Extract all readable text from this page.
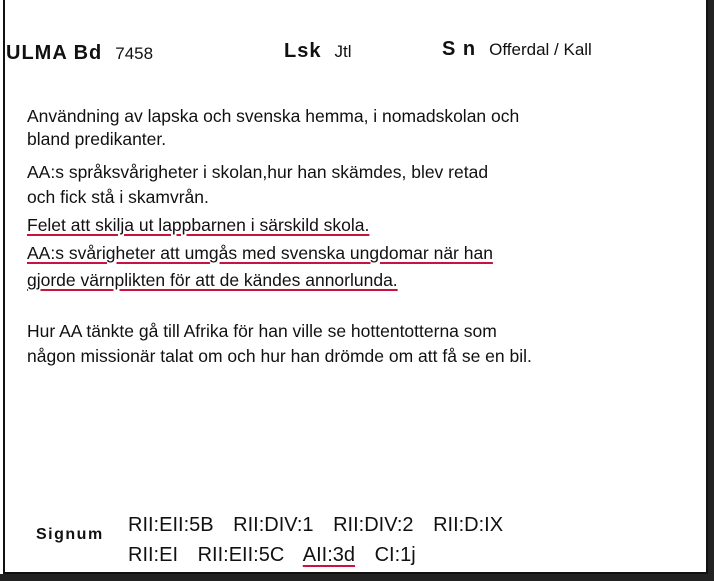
ULMA Bd 7458	Lsk Jtl	S n Offerdal / Kall
Användning av lapska och svenska hemma, i nomadskolan och
bland predikanter.
AA:s språksvårigheter i skolan,hur han skämdes, blev retad
och fick stå i skamvrån.
Felet att skilja ut lappbarnen i särskild skola.
AA:s svårigheter att umgås med svenska ungdomar när han
gjorde värnplikten för att de kändes annorlunda.
Hur AA tänkte gå till Afrika för han ville se hottentotterna som
någon missionär talat om och hur han drömde om att få se en bil.
Signum RII:EII:5B RII:DIV:1 RII:DIV:2 RII:D:IX
RII:EI RII:EII:5C AII:3d CI:1j
